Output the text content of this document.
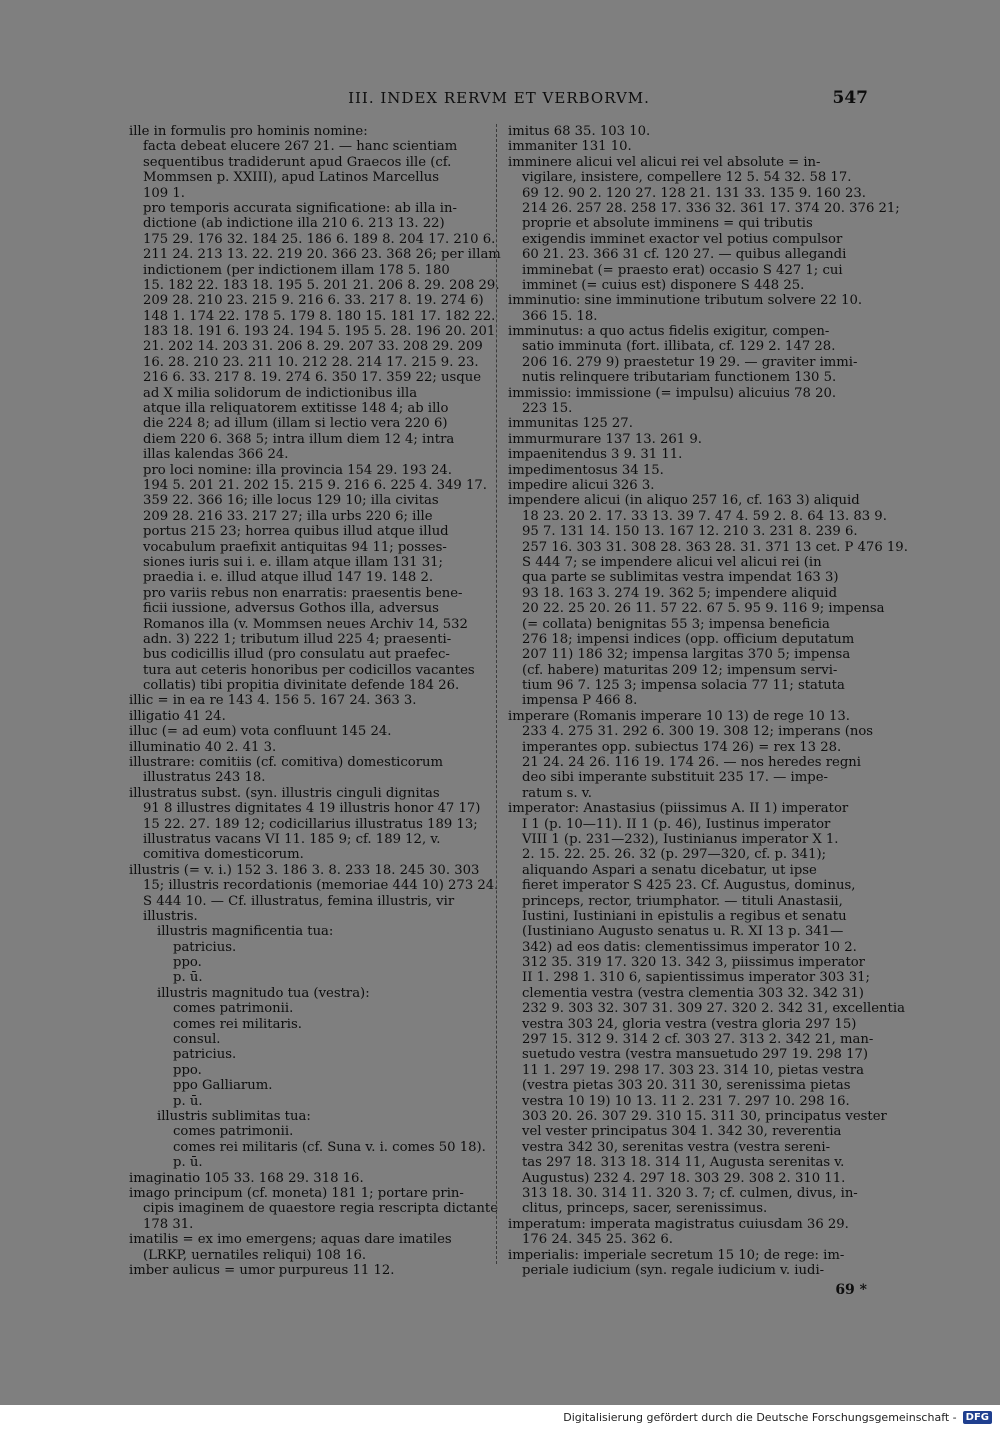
III. INDEX RERVM ET VERBORVM.	547
ille in formulis pro hominis nomine:
facta debeat elucere 267 21. — hanc scientiam
sequentibus tradiderunt apud Graecos ille (cf.
Mommsen p. XXIII), apud Latinos Marcellus
109 1.
pro temporis accurata significatione: ab illa in-
dictione (ab indictione illa 210 6. 213 13. 22)
175 29. 176 32. 184 25. 186 6. 189 8. 204 17. 210 6.
211 24. 213 13. 22. 219 20. 366 23. 368 26; per illam
indictionem (per indictionem illam 178 5. 180
15. 182 22. 183 18. 195 5. 201 21. 206 8. 29. 208 29.
209 28. 210 23. 215 9. 216 6. 33. 217 8. 19. 274 6)
148 1. 174 22. 178 5. 179 8. 180 15. 181 17. 182 22.
183 18. 191 6. 193 24. 194 5. 195 5. 28. 196 20. 201
21. 202 14. 203 31. 206 8. 29. 207 33. 208 29. 209
16. 28. 210 23. 211 10. 212 28. 214 17. 215 9. 23.
216 6. 33. 217 8. 19. 274 6. 350 17. 359 22; usque
ad X milia solidorum de indictionibus illa
atque illa reliquatorem extitisse 148 4; ab illo
die 224 8; ad illum (illam si lectio vera 220 6)
diem 220 6. 368 5; intra illum diem 12 4; intra
illas kalendas 366 24.
pro loci nomine: illa provincia 154 29. 193 24.
194 5. 201 21. 202 15. 215 9. 216 6. 225 4. 349 17.
359 22. 366 16; ille locus 129 10; illa civitas
209 28. 216 33. 217 27; illa urbs 220 6; ille
portus 215 23; horrea quibus illud atque illud
vocabulum praefixit antiquitas 94 11; posses-
siones iuris sui i. e. illam atque illam 131 31;
praedia i. e. illud atque illud 147 19. 148 2.
pro variis rebus non enarratis: praesentis bene-
ficii iussione, adversus Gothos illa, adversus
Romanos illa (v. Mommsen neues Archiv 14, 532
adn. 3) 222 1; tributum illud 225 4; praesenti-
bus codicillis illud (pro consulatu aut praefec-
tura aut ceteris honoribus per codicillos vacantes
collatis) tibi propitia divinitate defende 184 26.
illic = in ea re 143 4. 156 5. 167 24. 363 3.
illigatio 41 24.
illuc (= ad eum) vota confluunt 145 24.
illuminatio 40 2. 41 3.
illustrare: comitiis (cf. comitiva) domesticorum
illustratus 243 18.
illustratus subst. (syn. illustris cinguli dignitas
91 8 illustres dignitates 4 19 illustris honor 47 17)
15 22. 27. 189 12; codicillarius illustratus 189 13;
illustratus vacans VI 11. 185 9; cf. 189 12, v.
comitiva domesticorum.
illustris (= v. i.) 152 3. 186 3. 8. 233 18. 245 30. 303
15; illustris recordationis (memoriae 444 10) 273 24.
S 444 10. — Cf. illustratus, femina illustris, vir
illustris.
illustris magnificentia tua:
patricius.
ppo.
p. ū.
illustris magnitudo tua (vestra):
comes patrimonii.
comes rei militaris.
consul.
patricius.
ppo.
ppo Galliarum.
p. ū.
illustris sublimitas tua:
comes patrimonii.
comes rei militaris (cf. Suna v. i. comes 50 18).
p. ū.
imaginatio 105 33. 168 29. 318 16.
imago principum (cf. moneta) 181 1; portare prin-
cipis imaginem de quaestore regia rescripta dictante
178 31.
imatilis = ex imo emergens; aquas dare imatiles
(LRKP, uernatiles reliqui) 108 16.
imber aulicus = umor purpureus 11 12.
imitus 68 35. 103 10.
immaniter 131 10.
imminere alicui vel alicui rei vel absolute = in-
vigilare, insistere, compellere 12 5. 54 32. 58 17.
69 12. 90 2. 120 27. 128 21. 131 33. 135 9. 160 23.
214 26. 257 28. 258 17. 336 32. 361 17. 374 20. 376 21;
proprie et absolute imminens = qui tributis
exigendis imminet exactor vel potius compulsor
60 21. 23. 366 31 cf. 120 27. — quibus allegandi
imminebat (= praesto erat) occasio S 427 1; cui
imminet (= cuius est) disponere S 448 25.
imminutio: sine imminutione tributum solvere 22 10.
366 15. 18.
imminutus: a quo actus fidelis exigitur, compen-
satio imminuta (fort. illibata, cf. 129 2. 147 28.
206 16. 279 9) praestetur 19 29. — graviter immi-
nutis relinquere tributariam functionem 130 5.
immissio: immissione (= impulsu) alicuius 78 20.
223 15.
immunitas 125 27.
immurmurare 137 13. 261 9.
impaenitendus 3 9. 31 11.
impedimentosus 34 15.
impedire alicui 326 3.
impendere alicui (in aliquo 257 16, cf. 163 3) aliquid
18 23. 20 2. 17. 33 13. 39 7. 47 4. 59 2. 8. 64 13. 83 9.
95 7. 131 14. 150 13. 167 12. 210 3. 231 8. 239 6.
257 16. 303 31. 308 28. 363 28. 31. 371 13 cet. P 476 19.
S 444 7; se impendere alicui vel alicui rei (in
qua parte se sublimitas vestra impendat 163 3)
93 18. 163 3. 274 19. 362 5; impendere aliquid
20 22. 25 20. 26 11. 57 22. 67 5. 95 9. 116 9; impensa
(= collata) benignitas 55 3; impensa beneficia
276 18; impensi indices (opp. officium deputatum
207 11) 186 32; impensa largitas 370 5; impensa
(cf. habere) maturitas 209 12; impensum servi-
tium 96 7. 125 3; impensa solacia 77 11; statuta
impensa P 466 8.
imperare (Romanis imperare 10 13) de rege 10 13.
233 4. 275 31. 292 6. 300 19. 308 12; imperans (nos
imperantes opp. subiectus 174 26) = rex 13 28.
21 24. 24 26. 116 19. 174 26. — nos heredes regni
deo sibi imperante substituit 235 17. — impe-
ratum s. v.
imperator: Anastasius (piissimus A. II 1) imperator
I 1 (p. 10—11). II 1 (p. 46), Iustinus imperator
VIII 1 (p. 231—232), Iustinianus imperator X 1.
2. 15. 22. 25. 26. 32 (p. 297—320, cf. p. 341);
aliquando Aspari a senatu dicebatur, ut ipse
fieret imperator S 425 23. Cf. Augustus, dominus,
princeps, rector, triumphator. — tituli Anastasii,
Iustini, Iustiniani in epistulis a regibus et senatu
(Iustiniano Augusto senatus u. R. XI 13 p. 341—
342) ad eos datis: clementissimus imperator 10 2.
312 35. 319 17. 320 13. 342 3, piissimus imperator
II 1. 298 1. 310 6, sapientissimus imperator 303 31;
clementia vestra (vestra clementia 303 32. 342 31)
232 9. 303 32. 307 31. 309 27. 320 2. 342 31, excellentia
vestra 303 24, gloria vestra (vestra gloria 297 15)
297 15. 312 9. 314 2 cf. 303 27. 313 2. 342 21, man-
suetudo vestra (vestra mansuetudo 297 19. 298 17)
11 1. 297 19. 298 17. 303 23. 314 10, pietas vestra
(vestra pietas 303 20. 311 30, serenissima pietas
vestra 10 19) 10 13. 11 2. 231 7. 297 10. 298 16.
303 20. 26. 307 29. 310 15. 311 30, principatus vester
vel vester principatus 304 1. 342 30, reverentia
vestra 342 30, serenitas vestra (vestra sereni-
tas 297 18. 313 18. 314 11, Augusta serenitas v.
Augustus) 232 4. 297 18. 303 29. 308 2. 310 11.
313 18. 30. 314 11. 320 3. 7; cf. culmen, divus, in-
clitus, princeps, sacer, serenissimus.
imperatum: imperata magistratus cuiusdam 36 29.
176 24. 345 25. 362 6.
imperialis: imperiale secretum 15 10; de rege: im-
periale iudicium (syn. regale iudicium v. iudi-
69 *
Digitalisierung gefördert durch die Deutsche Forschungsgemeinschaft - DFG
